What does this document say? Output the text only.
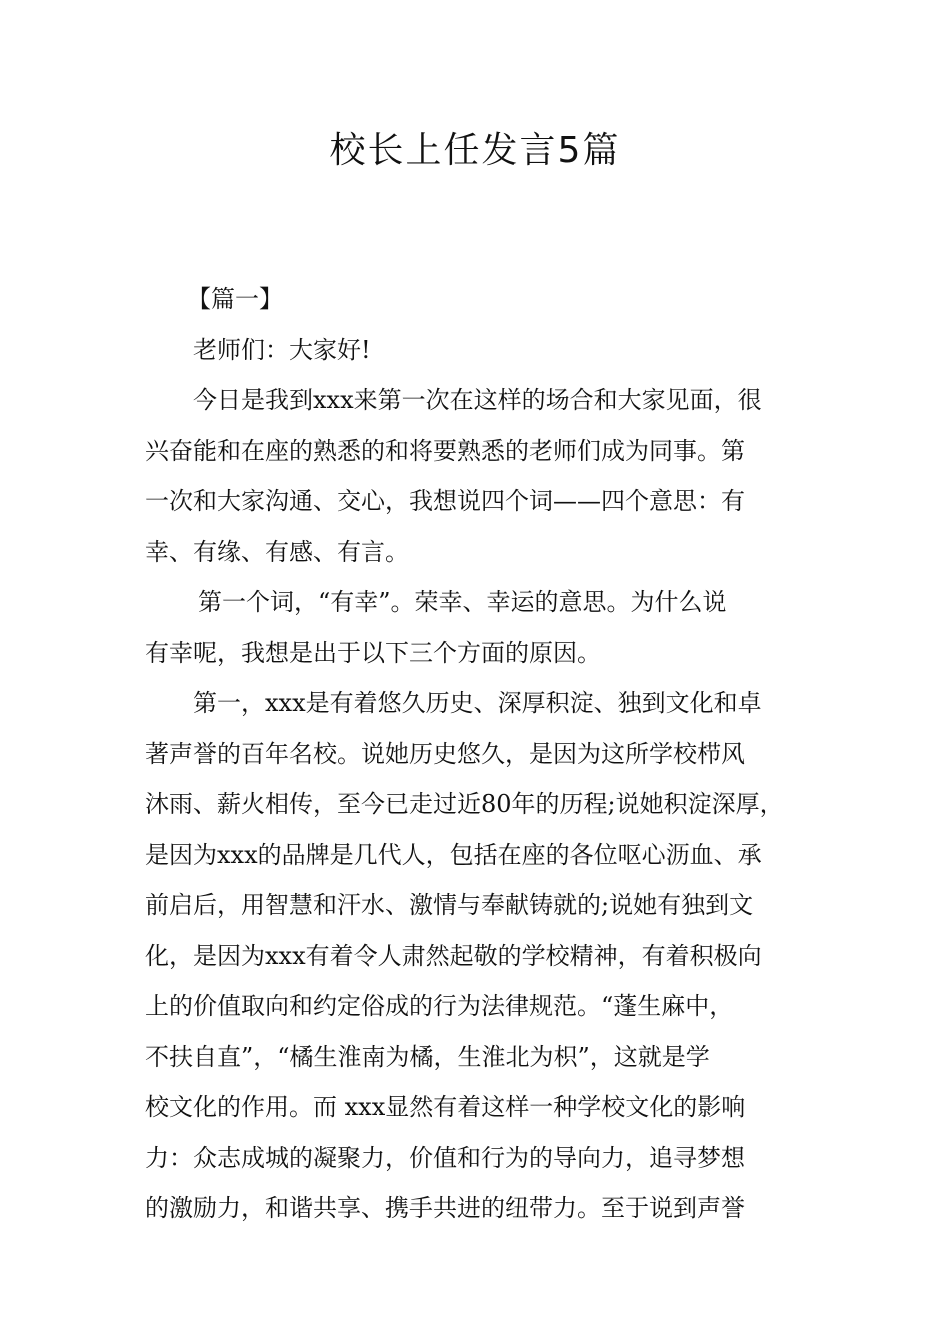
校长上任发言5篇

【篇一】

老师们：大家好!

今日是我到xxx来第一次在这样的场合和大家见面，很

兴奋能和在座的熟悉的和将要熟悉的老师们成为同事。第

一次和大家沟通、交心，我想说四个词——四个意思：有

幸、有缘、有感、有言。

第一个词，“有幸”。荣幸、幸运的意思。为什么说

有幸呢，我想是出于以下三个方面的原因。

第一，xxx是有着悠久历史、深厚积淀、独到文化和卓

著声誉的百年名校。说她历史悠久，是因为这所学校栉风

沐雨、薪火相传，至今已走过近80年的历程;说她积淀深厚，

是因为xxx的品牌是几代人，包括在座的各位呕心沥血、承

前启后，用智慧和汗水、激情与奉献铸就的;说她有独到文

化，是因为xxx有着令人肃然起敬的学校精神，有着积极向

上的价值取向和约定俗成的行为法律规范。“蓬生麻中，

不扶自直”，“橘生淮南为橘，生淮北为枳”，这就是学

校文化的作用。而 xxx显然有着这样一种学校文化的影响

力：众志成城的凝聚力，价值和行为的导向力，追寻梦想

的激励力，和谐共享、携手共进的纽带力。至于说到声誉
